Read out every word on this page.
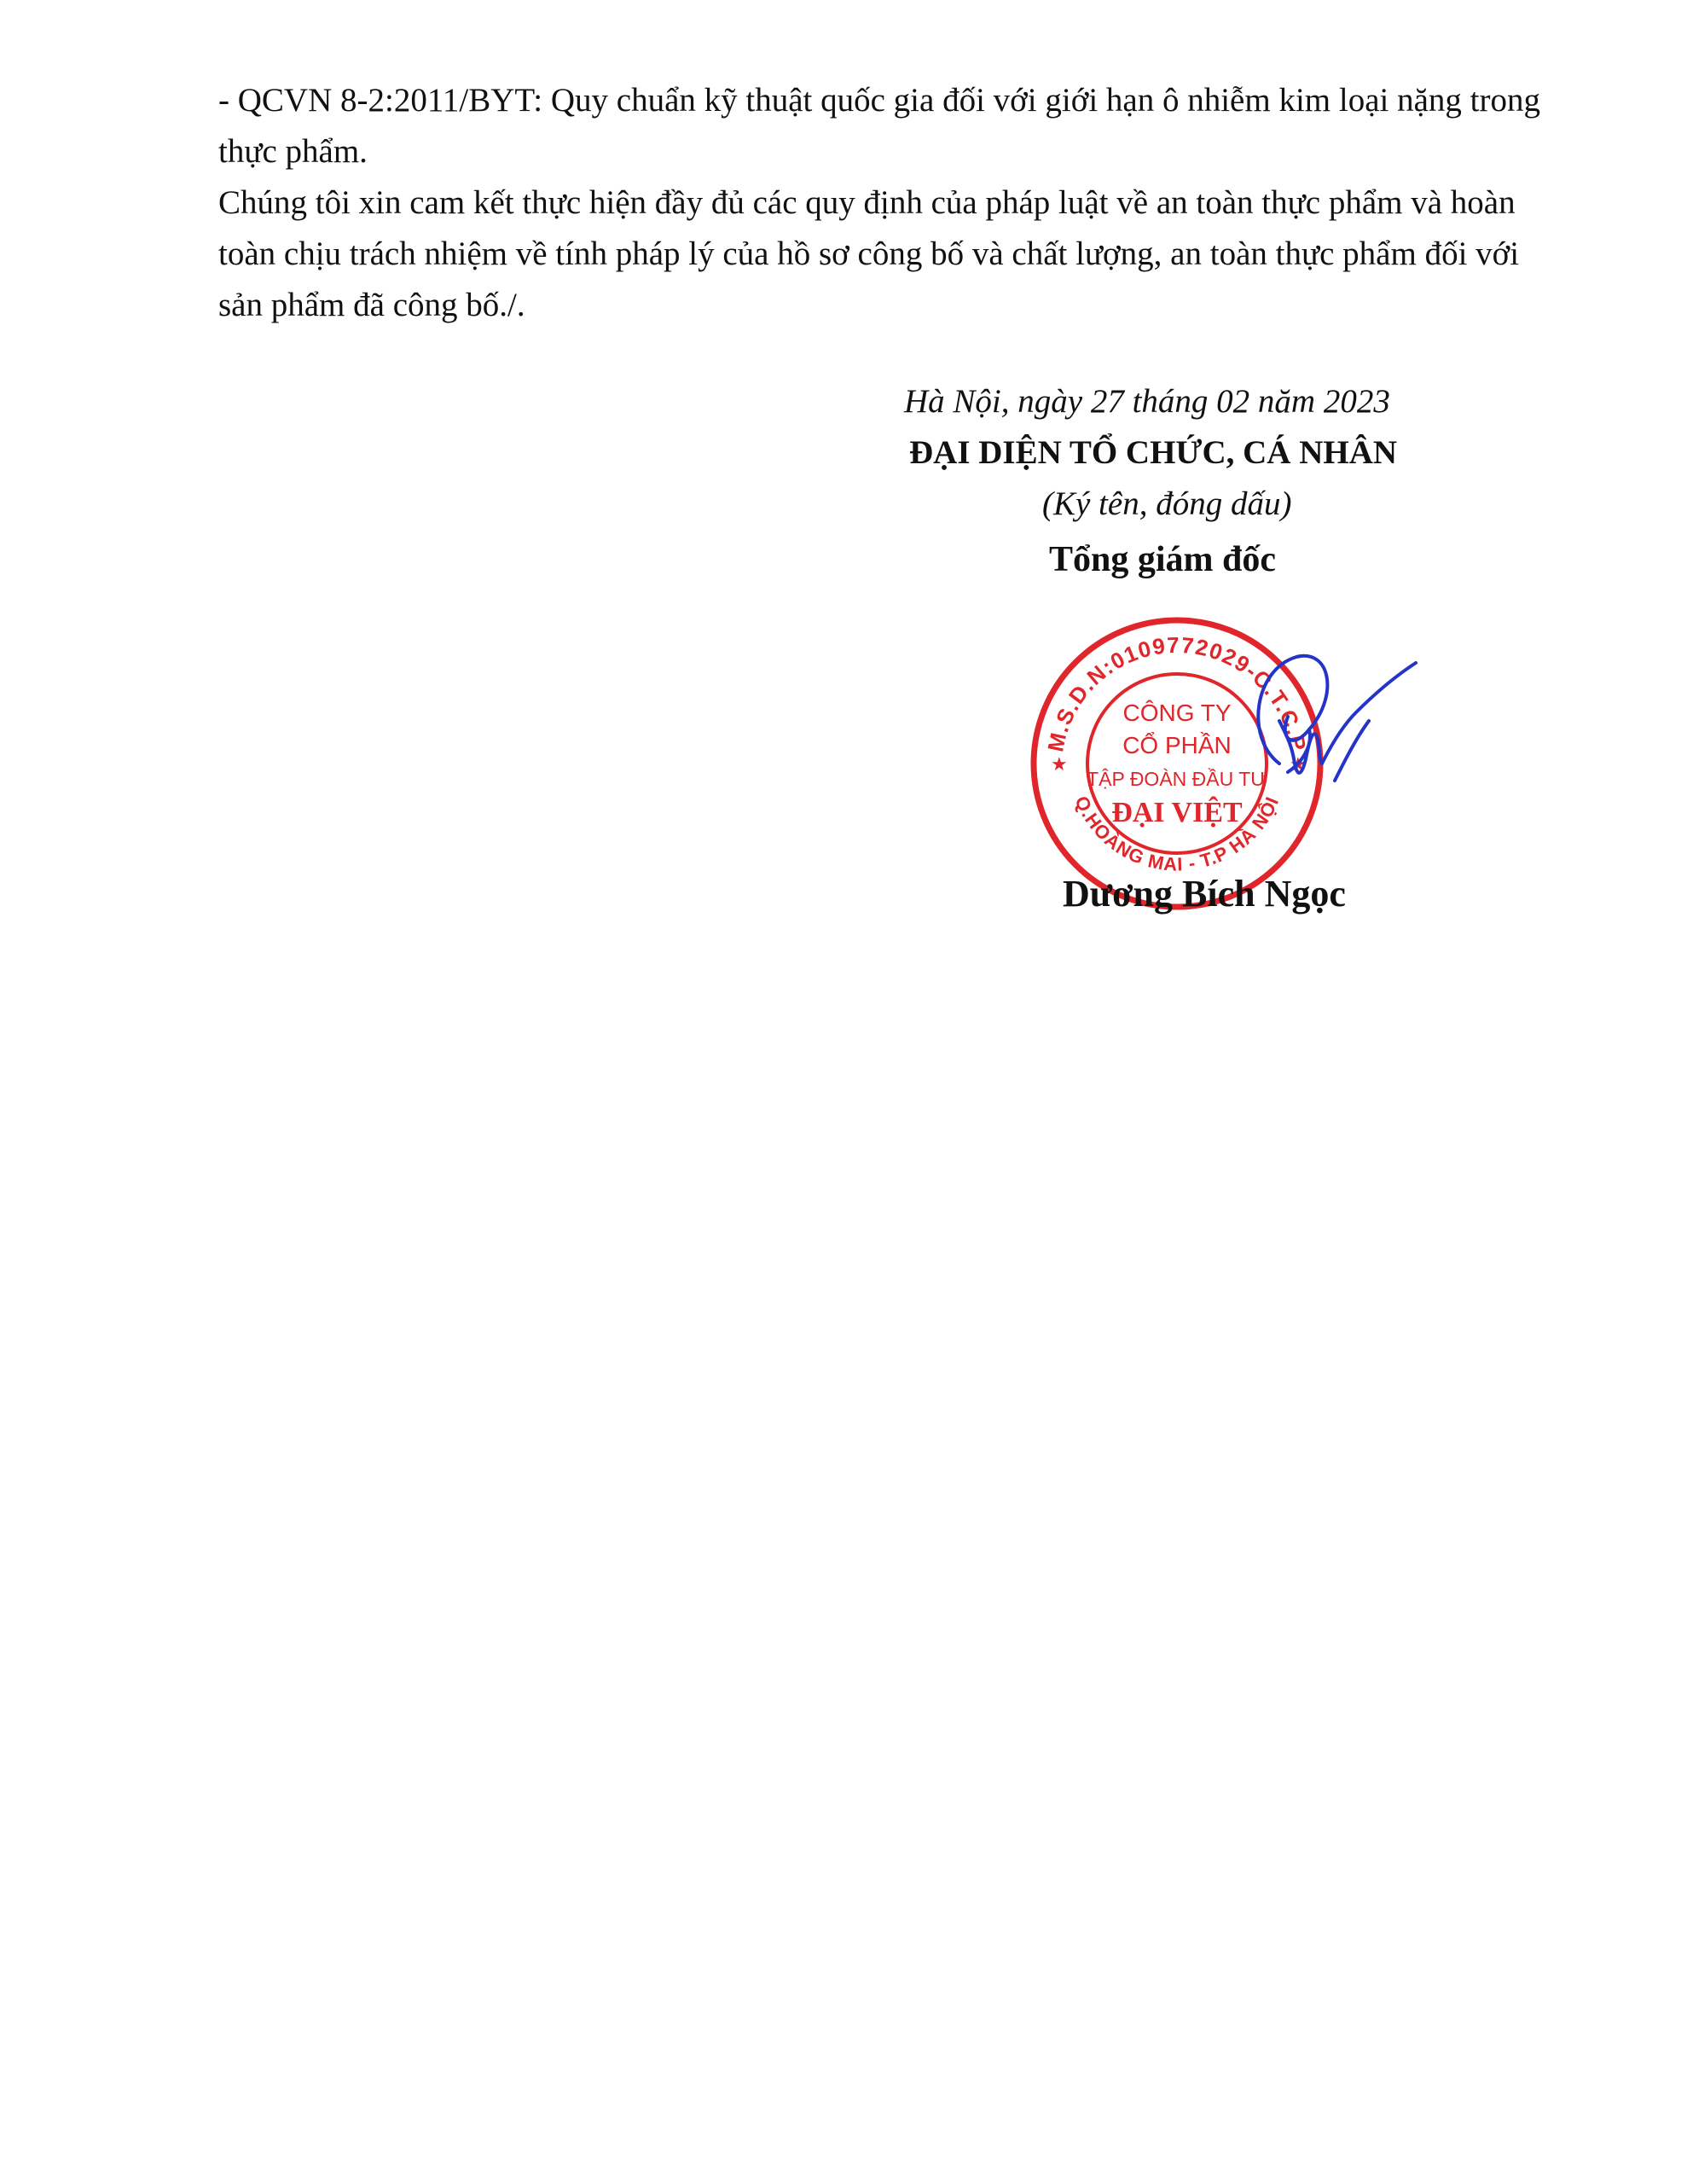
- QCVN 8-2:2011/BYT: Quy chuẩn kỹ thuật quốc gia đối với giới hạn ô nhiễm kim loại nặng trong thực phẩm.

Chúng tôi xin cam kết thực hiện đầy đủ các quy định của pháp luật về an toàn thực phẩm và hoàn toàn chịu trách nhiệm về tính pháp lý của hồ sơ công bố và chất lượng, an toàn thực phẩm đối với sản phẩm đã công bố./.

Hà Nội, ngày 27 tháng 02 năm 2023
ĐẠI DIỆN TỔ CHỨC, CÁ NHÂN
(Ký tên, đóng dấu)
Tổng giám đốc
M.S.D.N:0109772029-C.T.C.P
Q.HOÀNG MAI - T.P HÀ NỘI
★	★
CÔNG TY
CỔ PHẦN
TẬP ĐOÀN ĐẦU TƯ
ĐẠI VIỆT
Dương Bích Ngọc
